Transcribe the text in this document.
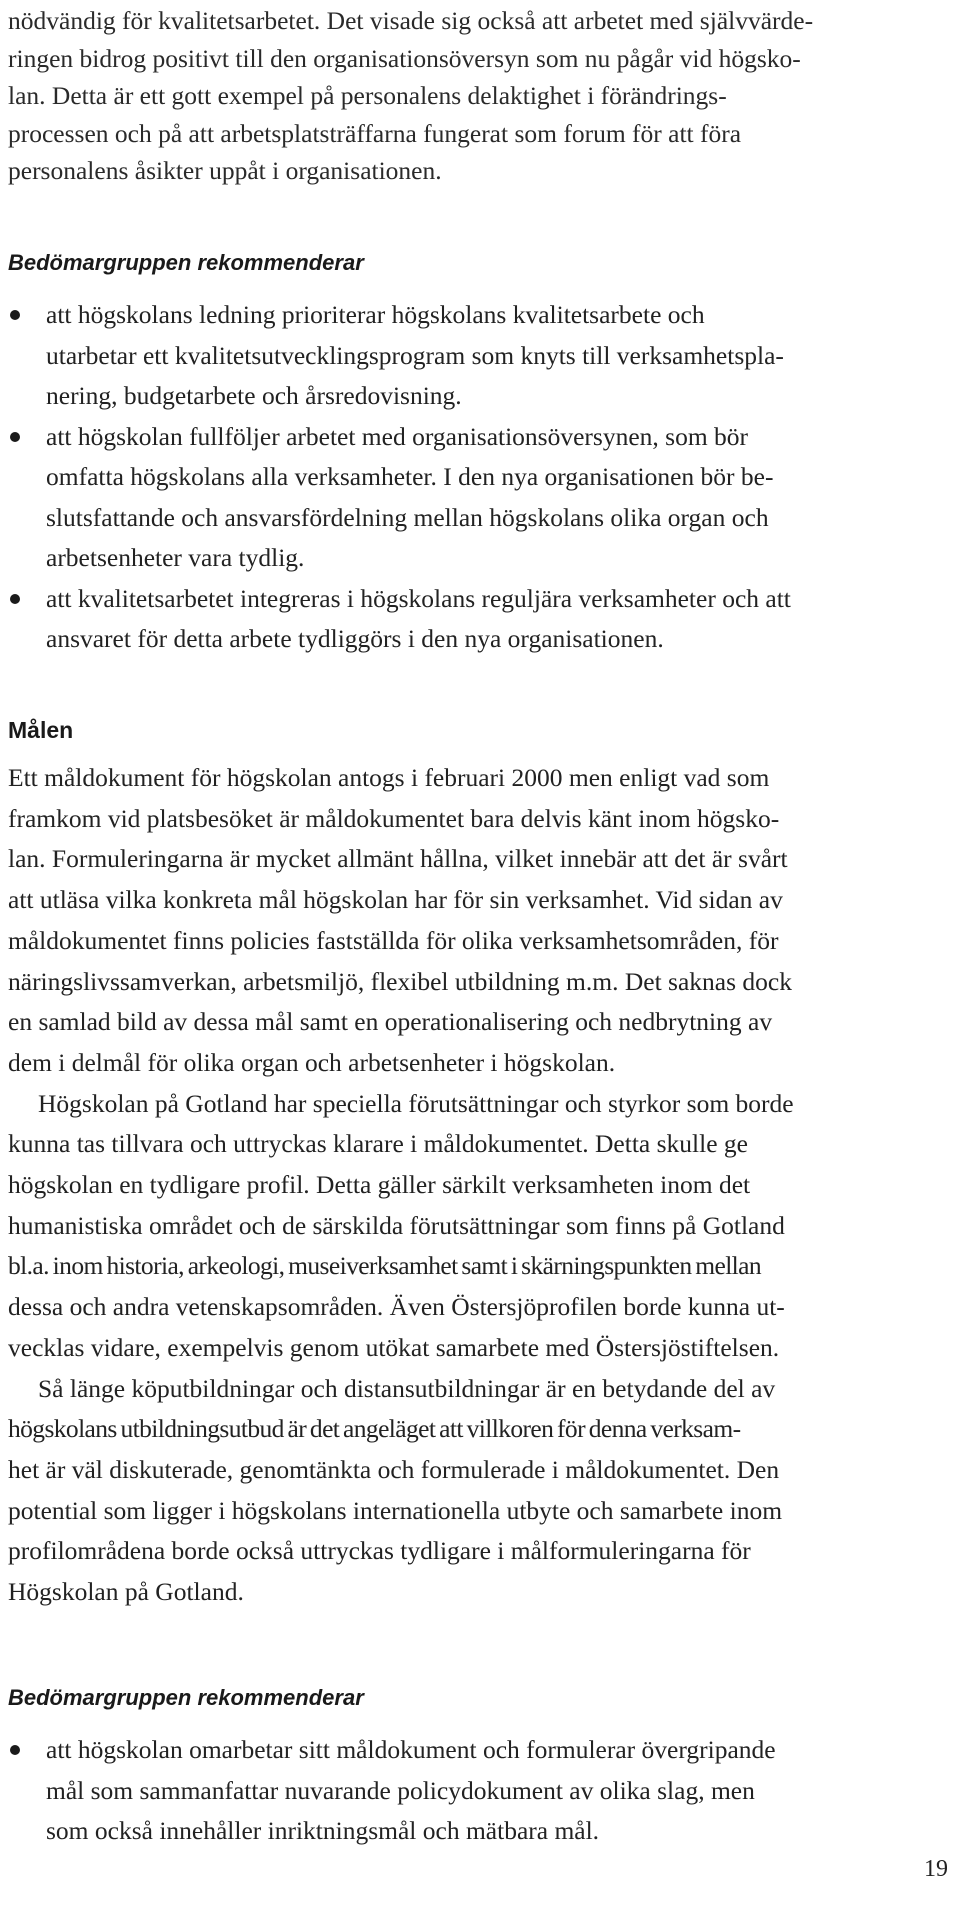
nödvändig för kvalitetsarbetet. Det visade sig också att arbetet med självvärde-
ringen bidrog positivt till den organisationsöversyn som nu pågår vid högsko-
lan. Detta är ett gott exempel på personalens delaktighet i förändrings-
processen och på att arbetsplatsträffarna fungerat som forum för att föra
personalens åsikter uppåt i organisationen.
Bedömargruppen rekommenderar
att högskolans ledning prioriterar högskolans kvalitetsarbete och
utarbetar ett kvalitetsutvecklingsprogram som knyts till verksamhetspla-
nering, budgetarbete och årsredovisning.
att högskolan fullföljer arbetet med organisationsöversynen, som bör
omfatta högskolans alla verksamheter. I den nya organisationen bör be-
slutsfattande och ansvarsfördelning mellan högskolans olika organ och
arbetsenheter vara tydlig.
att kvalitetsarbetet integreras i högskolans reguljära verksamheter och att
ansvaret för detta arbete tydliggörs i den nya organisationen.
Målen
Ett måldokument för högskolan antogs i februari 2000 men enligt vad som
framkom vid platsbesöket är måldokumentet bara delvis känt inom högsko-
lan. Formuleringarna är mycket allmänt hållna, vilket innebär att det är svårt
att utläsa vilka konkreta mål högskolan har för sin verksamhet. Vid sidan av
måldokumentet finns policies fastställda för olika verksamhetsområden, för
näringslivssamverkan, arbetsmiljö, flexibel utbildning m.m. Det saknas dock
en samlad bild av dessa mål samt en operationalisering och nedbrytning av
dem i delmål för olika organ och arbetsenheter i högskolan.
Högskolan på Gotland har speciella förutsättningar och styrkor som borde
kunna tas tillvara och uttryckas klarare i måldokumentet. Detta skulle ge
högskolan en tydligare profil. Detta gäller särkilt verksamheten inom det
humanistiska området och de särskilda förutsättningar som finns på Gotland
bl.a. inom historia, arkeologi, museiverksamhet samt i skärningspunkten mellan
dessa och andra vetenskapsområden. Även Östersjöprofilen borde kunna ut-
vecklas vidare, exempelvis genom utökat samarbete med Östersjöstiftelsen.
Så länge köputbildningar och distansutbildningar är en betydande del av
högskolans utbildningsutbud är det angeläget att villkoren för denna verksam-
het är väl diskuterade, genomtänkta och formulerade i måldokumentet. Den
potential som ligger i högskolans internationella utbyte och samarbete inom
profilområdena borde också uttryckas tydligare i målformuleringarna för
Högskolan på Gotland.
Bedömargruppen rekommenderar
att högskolan omarbetar sitt måldokument och formulerar övergripande
mål som sammanfattar nuvarande policydokument av olika slag, men
som också innehåller inriktningsmål och mätbara mål.
19
